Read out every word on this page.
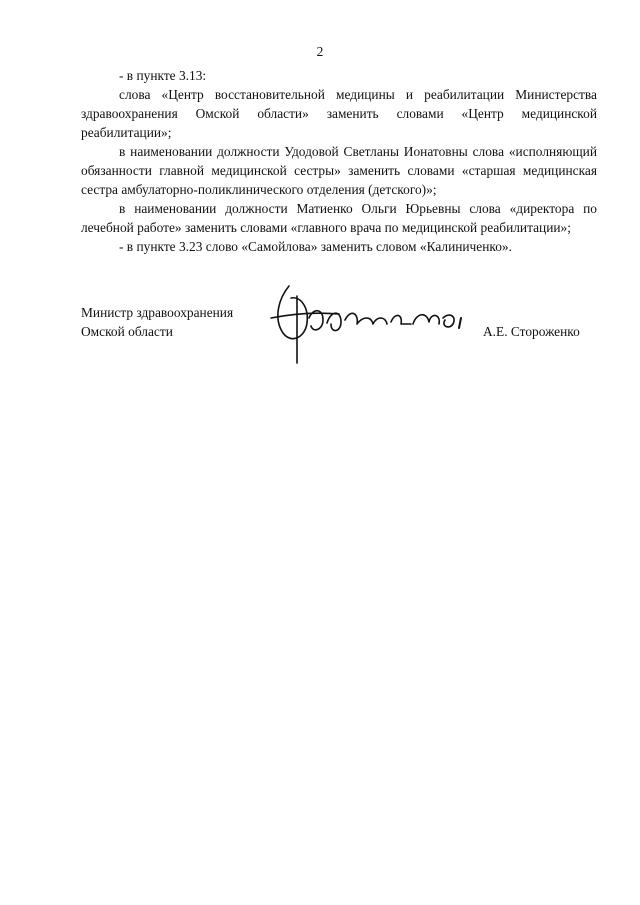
2

- в пункте 3.13:

слова «Центр восстановительной медицины и реабилитации Министерства здравоохранения Омской области» заменить словами «Центр медицинской реабилитации»;

в наименовании должности Удодовой Светланы Ионатовны слова «исполняющий обязанности главной медицинской сестры» заменить словами «старшая медицинская сестра амбулаторно-поликлинического отделения (детского)»;

в наименовании должности Матиенко Ольги Юрьевны слова «директора по лечебной работе» заменить словами «главного врача по медицинской реабилитации»;

- в пункте 3.23 слово «Самойлова» заменить словом «Калиниченко».

Министр здравоохранения
Омской области	А.Е. Стороженко
